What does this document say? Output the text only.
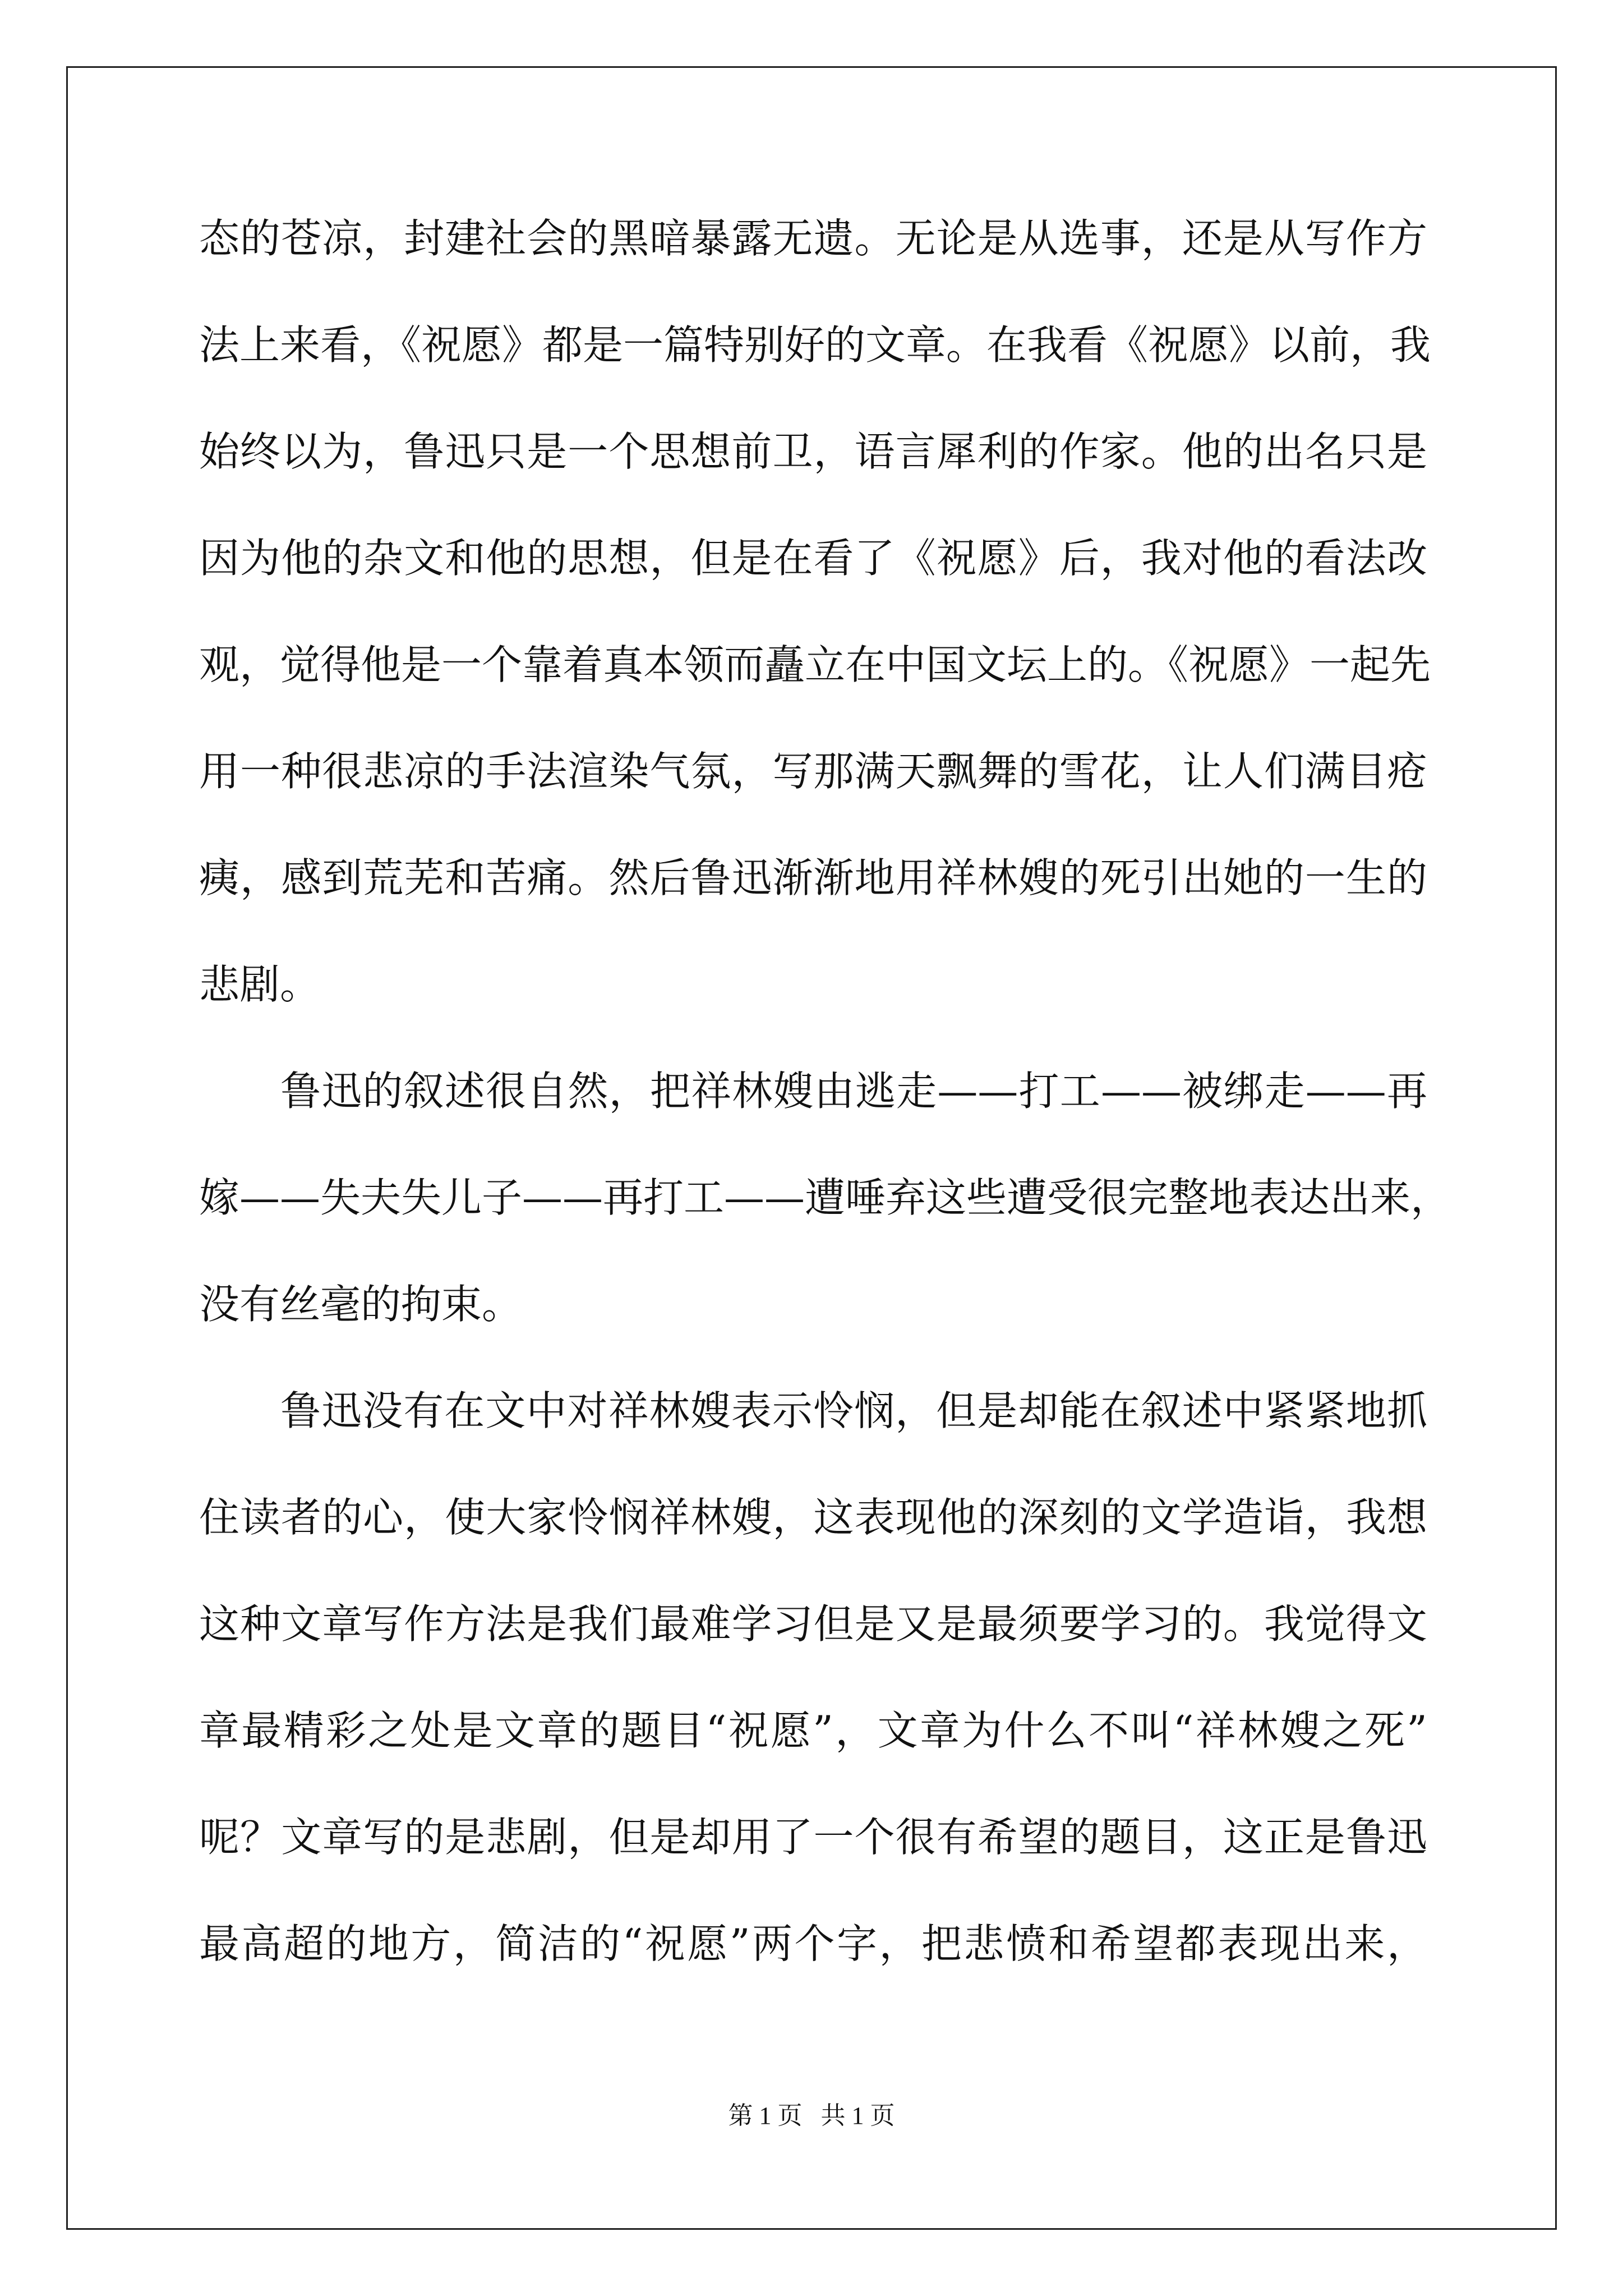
态的苍凉，封建社会的黑暗暴露无遗。无论是从选事，还是从写作方
法上来看，《祝愿》都是一篇特别好的文章。在我看《祝愿》以前，我
始终以为，鲁迅只是一个思想前卫，语言犀利的作家。他的出名只是
因为他的杂文和他的思想，但是在看了《祝愿》后，我对他的看法改
观，觉得他是一个靠着真本领而矗立在中国文坛上的。《祝愿》一起先
用一种很悲凉的手法渲染气氛，写那满天飘舞的雪花，让人们满目疮
痍，感到荒芜和苦痛。然后鲁迅渐渐地用祥林嫂的死引出她的一生的
悲剧。
鲁迅的叙述很自然，把祥林嫂由逃走——打工——被绑走——再
嫁——失夫失儿子——再打工——遭唾弃这些遭受很完整地表达出来，
没有丝毫的拘束。
鲁迅没有在文中对祥林嫂表示怜悯，但是却能在叙述中紧紧地抓
住读者的心，使大家怜悯祥林嫂，这表现他的深刻的文学造诣，我想
这种文章写作方法是我们最难学习但是又是最须要学习的。我觉得文
章最精彩之处是文章的题目“祝愿”，文章为什么不叫“祥林嫂之死”
呢？文章写的是悲剧，但是却用了一个很有希望的题目，这正是鲁迅
最高超的地方，简洁的“祝愿”两个字，把悲愤和希望都表现出来，
第 1 页   共 1 页
